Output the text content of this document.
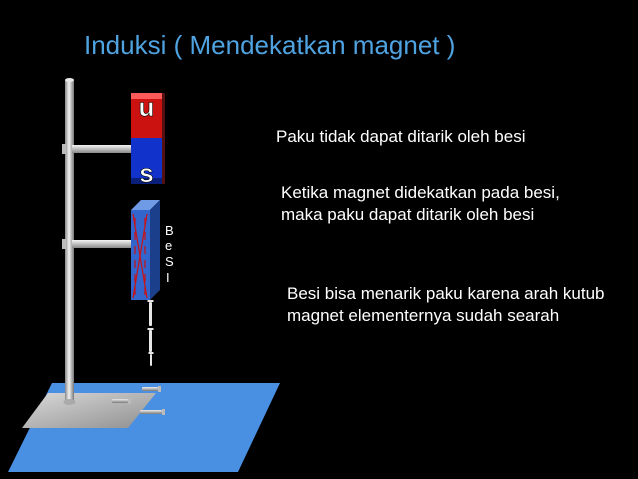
Induksi ( Mendekatkan magnet )
B
e
S
I
u
s
Paku tidak dapat ditarik oleh besi
Ketika magnet didekatkan pada besi, maka paku dapat ditarik oleh besi
Besi bisa menarik paku karena arah kutub magnet elementernya sudah searah
